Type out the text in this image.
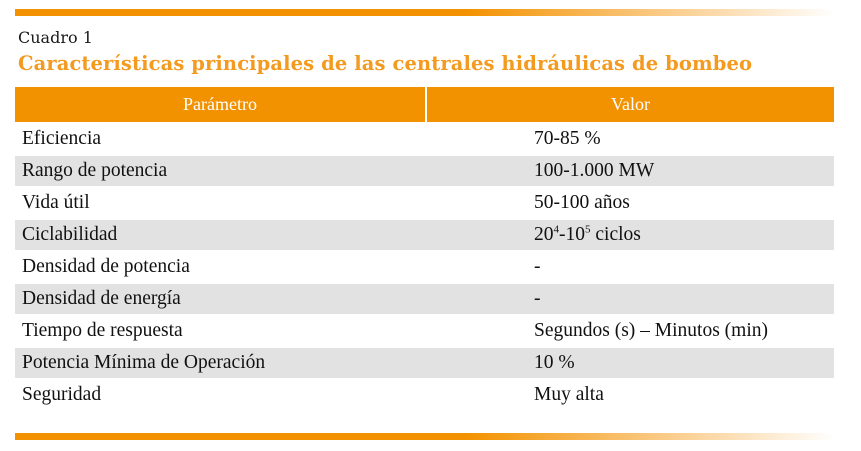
Cuadro 1
Características principales de las centrales hidráulicas de bombeo
Parámetro	Valor
Eficiencia	70-85 %
Rango de potencia	100-1.000 MW
Vida útil	50-100 años
Ciclabilidad	$20^4-10^5$ ciclos
Densidad de potencia	-
Densidad de energía	-
Tiempo de respuesta	Segundos (s) – Minutos (min)
Potencia Mínima de Operación	10 %
Seguridad	Muy alta
